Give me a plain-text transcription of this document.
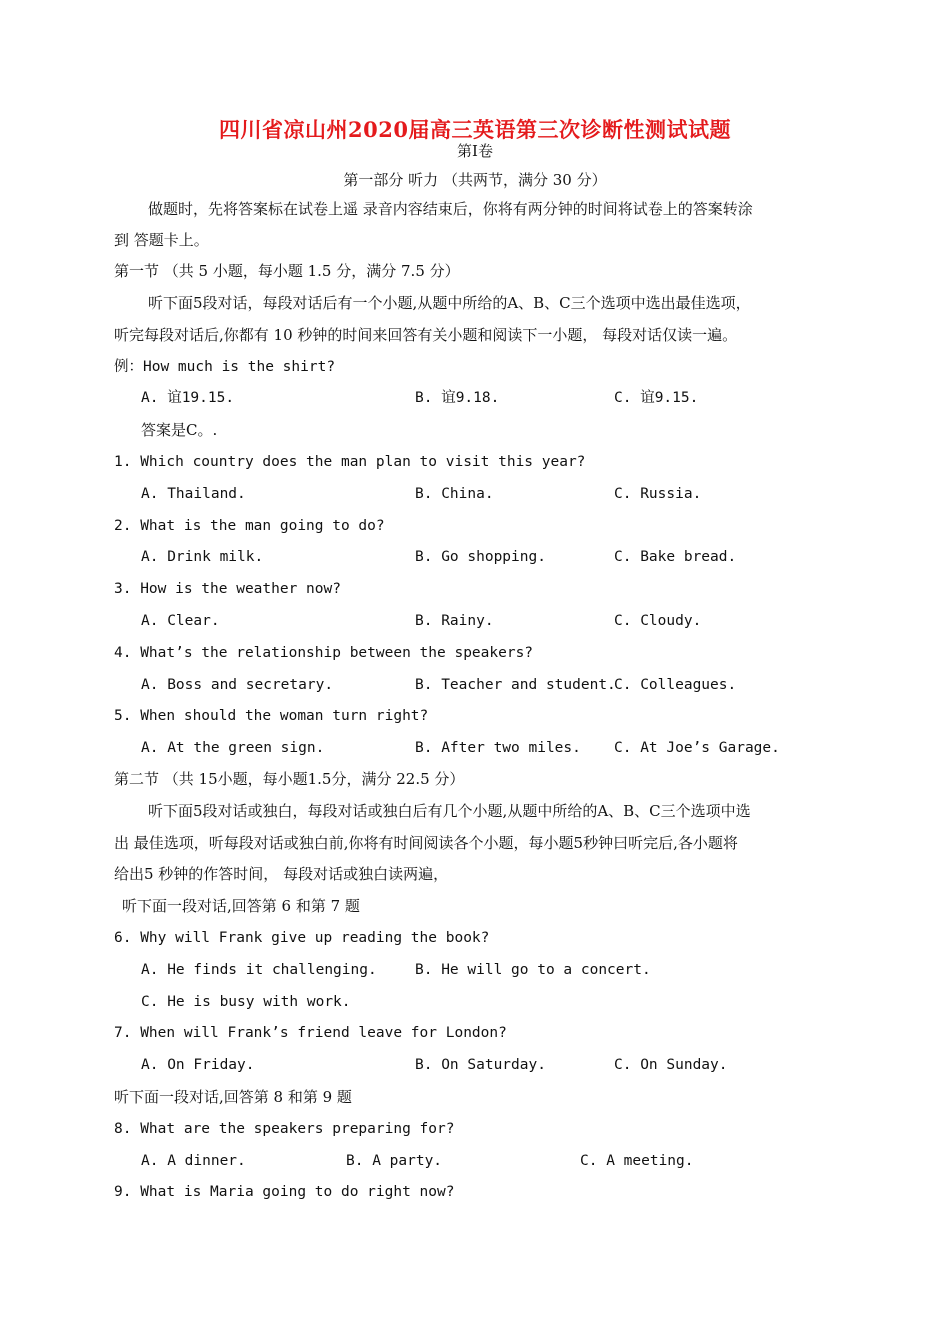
四川省凉山州2020届高三英语第三次诊断性测试试题
第I卷
第一部分 听力 （共两节，满分 30 分）
做题时，先将答案标在试卷上遥 录音内容结束后，你将有两分钟的时间将试卷上的答案转涂
到 答题卡上。
第一节 （共 5 小题，每小题 1.5 分，满分 7.5 分）
听下面5段对话，每段对话后有一个小题,从题中所给的A、B、C三个选项中选出最佳选项，
听完每段对话后,你都有 10 秒钟的时间来回答有关小题和阅读下一小题， 每段对话仅读一遍。
例：How much is the shirt?
A. 谊19.15.	B. 谊9.18.	C. 谊9.15.
答案是C。.
1. Which country does the man plan to visit this year?
A. Thailand.	B. China.	C. Russia.
2. What is the man going to do?
A. Drink milk.	B. Go shopping.	C. Bake bread.
3. How is the weather now?
A. Clear.	B. Rainy.	C. Cloudy.
4. What’s the relationship between the speakers?
A. Boss and secretary.	B. Teacher and student.
C. Colleagues.
5. When should the woman turn right?
A. At the green sign.	B. After two miles. C. At Joe’s Garage.
第二节 （共 15小题，每小题1.5分，满分 22.5 分）
听下面5段对话或独白，每段对话或独白后有几个小题,从题中所给的A、B、C三个选项中选
出 最佳选项，听每段对话或独白前,你将有时间阅读各个小题，每小题5秒钟曰听完后,各小题将
给出5 秒钟的作答时间， 每段对话或独白读两遍，
听下面一段对话,回答第 6 和第 7 题
6. Why will Frank give up reading the book?
A. He finds it challenging.	B. He will go to a concert.
C. He is busy with work.
7. When will Frank’s friend leave for London?
A. On Friday.	B. On Saturday.	C. On Sunday.
听下面一段对话,回答第 8 和第 9 题
8. What are the speakers preparing for?
A. A dinner.	B. A party.	C. A meeting.
9. What is Maria going to do right now?
